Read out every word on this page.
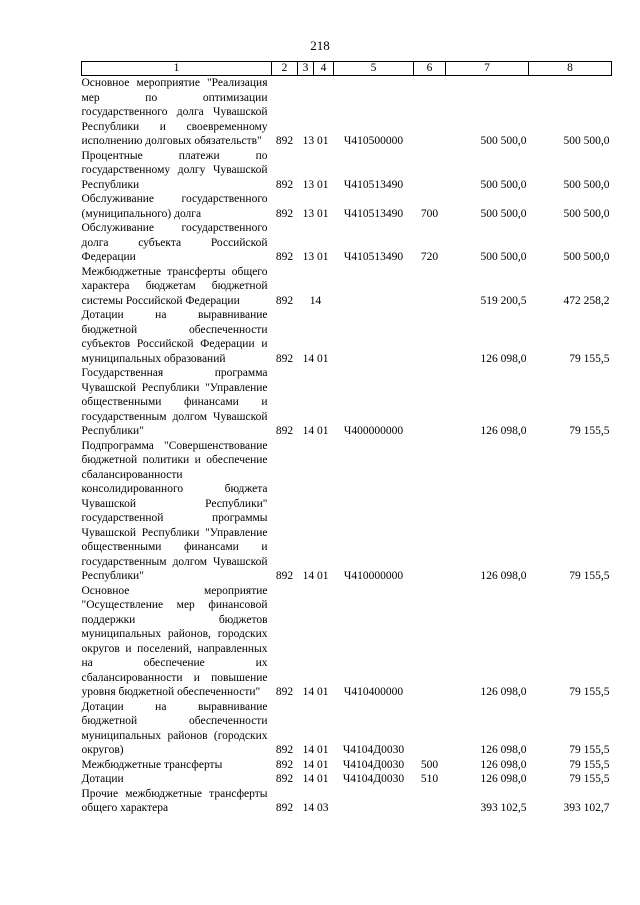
218
1	2	3	4	5	6	7	8
Основное мероприятие "Реализация мер по оптимизации государственного долга Чувашской Республики и своевременному исполнению долговых обязательств"	892	13 01		Ч410500000		500 500,0	500 500,0
Процентные платежи по государственному долгу Чувашской Республики	892	13 01		Ч410513490		500 500,0	500 500,0
Обслуживание государственного (муниципального) долга	892	13 01		Ч410513490	700	500 500,0	500 500,0
Обслуживание государственного долга субъекта Российской Федерации	892	13 01		Ч410513490	720	500 500,0	500 500,0
Межбюджетные трансферты общего характера бюджетам бюджетной системы Российской Федерации	892	14				519 200,5	472 258,2
Дотации на выравнивание бюджетной обеспеченности субъектов Российской Федерации и муниципальных образований	892	14 01				126 098,0	79 155,5
Государственная программа Чувашской Республики "Управление общественными финансами и государственным долгом Чувашской Республики"	892	14 01		Ч400000000		126 098,0	79 155,5
Подпрограмма "Совершенствование бюджетной политики и обеспечение сбалансированности консолидированного бюджета Чувашской Республики" государственной программы Чувашской Республики "Управление общественными финансами и государственным долгом Чувашской Республики"	892	14 01		Ч410000000		126 098,0	79 155,5
Основное мероприятие "Осуществление мер финансовой поддержки бюджетов муниципальных районов, городских округов и поселений, направленных на обеспечение их сбалансированности и повышение уровня бюджетной обеспеченности"	892	14 01		Ч410400000		126 098,0	79 155,5
Дотации на выравнивание бюджетной обеспеченности муниципальных районов (городских округов)	892	14 01		Ч4104Д0030		126 098,0	79 155,5
Межбюджетные трансферты	892	14 01		Ч4104Д0030	500	126 098,0	79 155,5
Дотации	892	14 01		Ч4104Д0030	510	126 098,0	79 155,5
Прочие межбюджетные трансферты общего характера	892	14 03				393 102,5	393 102,7
